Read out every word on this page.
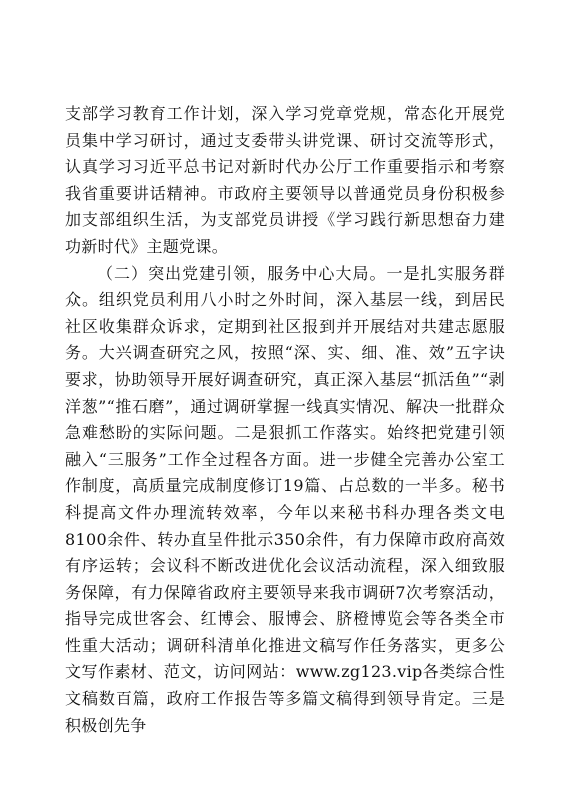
支部学习教育工作计划，深入学习党章党规，常态化开展党员集中学习研讨，通过支委带头讲党课、研讨交流等形式，认真学习习近平总书记对新时代办公厅工作重要指示和考察我省重要讲话精神。市政府主要领导以普通党员身份积极参加支部组织生活，为支部党员讲授《学习践行新思想奋力建功新时代》主题党课。

（二）突出党建引领，服务中心大局。一是扎实服务群众。组织党员利用八小时之外时间，深入基层一线，到居民社区收集群众诉求，定期到社区报到并开展结对共建志愿服务。大兴调查研究之风，按照“深、实、细、准、效”五字诀要求，协助领导开展好调查研究，真正深入基层“抓活鱼”“剥洋葱”“推石磨”，通过调研掌握一线真实情况、解决一批群众急难愁盼的实际问题。二是狠抓工作落实。始终把党建引领融入“三服务”工作全过程各方面。进一步健全完善办公室工作制度，高质量完成制度修订19篇、占总数的一半多。秘书科提高文件办理流转效率，今年以来秘书科办理各类文电8100余件、转办直呈件批示350余件，有力保障市政府高效有序运转；会议科不断改进优化会议活动流程，深入细致服务保障，有力保障省政府主要领导来我市调研7次考察活动，指导完成世客会、红博会、服博会、脐橙博览会等各类全市性重大活动；调研科清单化推进文稿写作任务落实，更多公文写作素材、范文，访问网站：www.zg123.vip各类综合性文稿数百篇，政府工作报告等多篇文稿得到领导肯定。三是积极创先争
